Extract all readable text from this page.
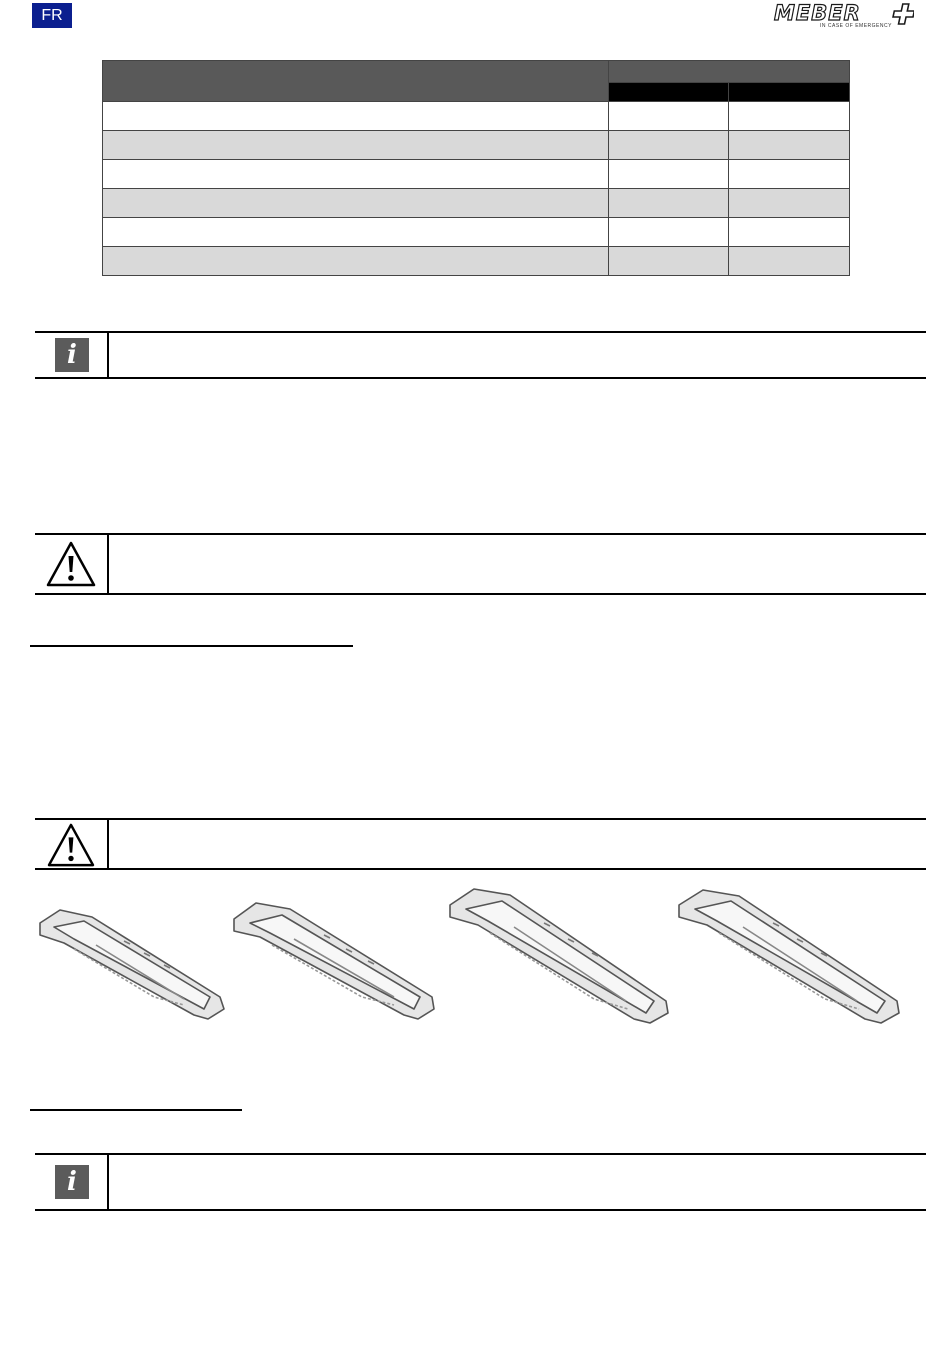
FR	MEBER
IN CASE OF EMERGENCY

i
i
